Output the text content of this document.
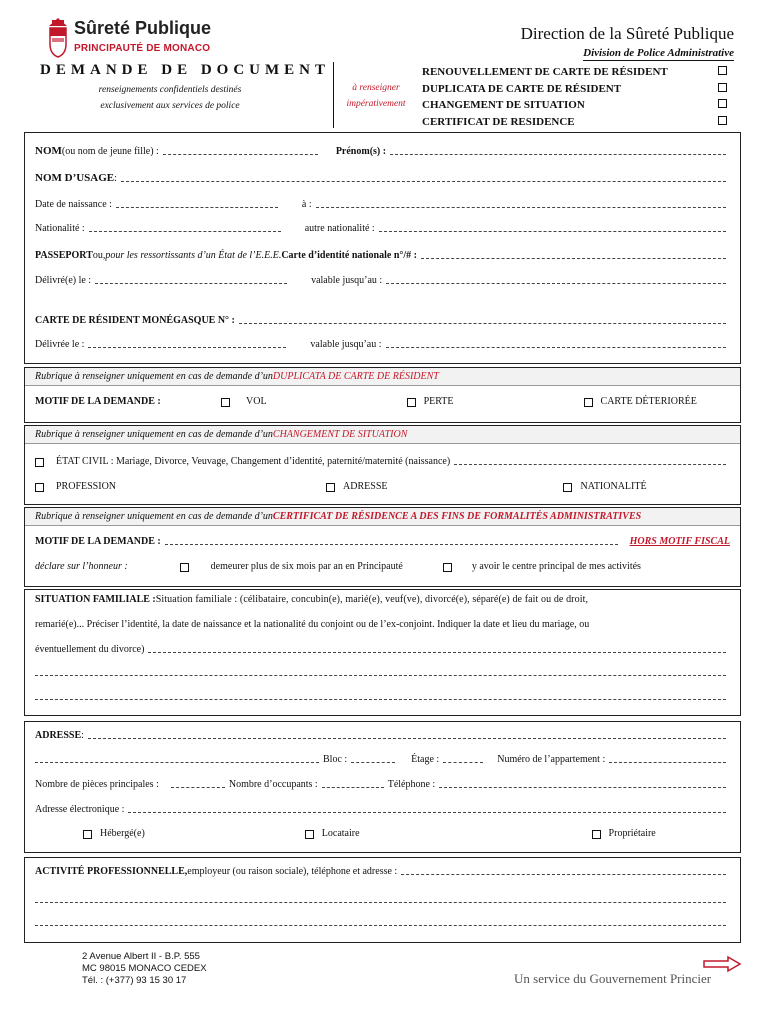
Sûreté Publique
PRINCIPAUTÉ DE MONACO
Direction de la Sûreté Publique
Division de Police Administrative
DEMANDE DE DOCUMENT
renseignements confidentiels destinés
exclusivement aux services de police
à renseigner
impérativement
RENOUVELLEMENT DE CARTE DE RÉSIDENT
DUPLICATA DE CARTE DE RÉSIDENT
CHANGEMENT DE SITUATION
CERTIFICAT DE RESIDENCE
NOM (ou nom de jeune fille) :	Prénom(s) :
NOM D’USAGE :
Date de naissance :	à :
Nationalité :	autre nationalité :
PASSEPORT ou, pour les ressortissants d’un État de l’E.E.E. Carte d’identité nationale n°/# :
Délivré(e) le :	valable jusqu’au :
CARTE DE RÉSIDENT MONÉGASQUE N° :
Délivrée le :	valable jusqu’au :
Rubrique à renseigner uniquement en cas de demande d’un DUPLICATA DE CARTE DE RÉSIDENT
MOTIF DE LA DEMANDE :	VOL	PERTE	CARTE DÉTERIORÉE
Rubrique à renseigner uniquement en cas de demande d’un CHANGEMENT DE SITUATION
ÉTAT CIVIL : Mariage, Divorce, Veuvage, Changement d’identité, paternité/maternité (naissance)
PROFESSION	ADRESSE	NATIONALITÉ
Rubrique à renseigner uniquement en cas de demande d’un CERTIFICAT DE RÉSIDENCE A DES FINS DE FORMALITÉS ADMINISTRATIVES
MOTIF DE LA DEMANDE :	HORS MOTIF FISCAL
déclare sur l’honneur :	demeurer plus de six mois par an en Principauté	y avoir le centre principal de mes activités
SITUATION FAMILIALE : Situation familiale : (célibataire, concubin(e), marié(e), veuf(ve), divorcé(e), séparé(e) de fait ou de droit,
remarié(e)... Préciser l’identité, la date de naissance et la nationalité du conjoint ou de l’ex-conjoint. Indiquer la date et lieu du mariage, ou
éventuellement du divorce)
ADRESSE :
Bloc :	Étage :	Numéro de l’appartement :
Nombre de pièces principales :	Nombre d’occupants :	Téléphone :
Adresse électronique :
Hébergé(e)	Locataire	Propriétaire
ACTIVITÉ PROFESSIONNELLE, employeur (ou raison sociale), téléphone et adresse :
2 Avenue Albert II - B.P. 555
MC 98015 MONACO CEDEX
Tél. : (+377) 93 15 30 17	Un service du Gouvernement Princier
